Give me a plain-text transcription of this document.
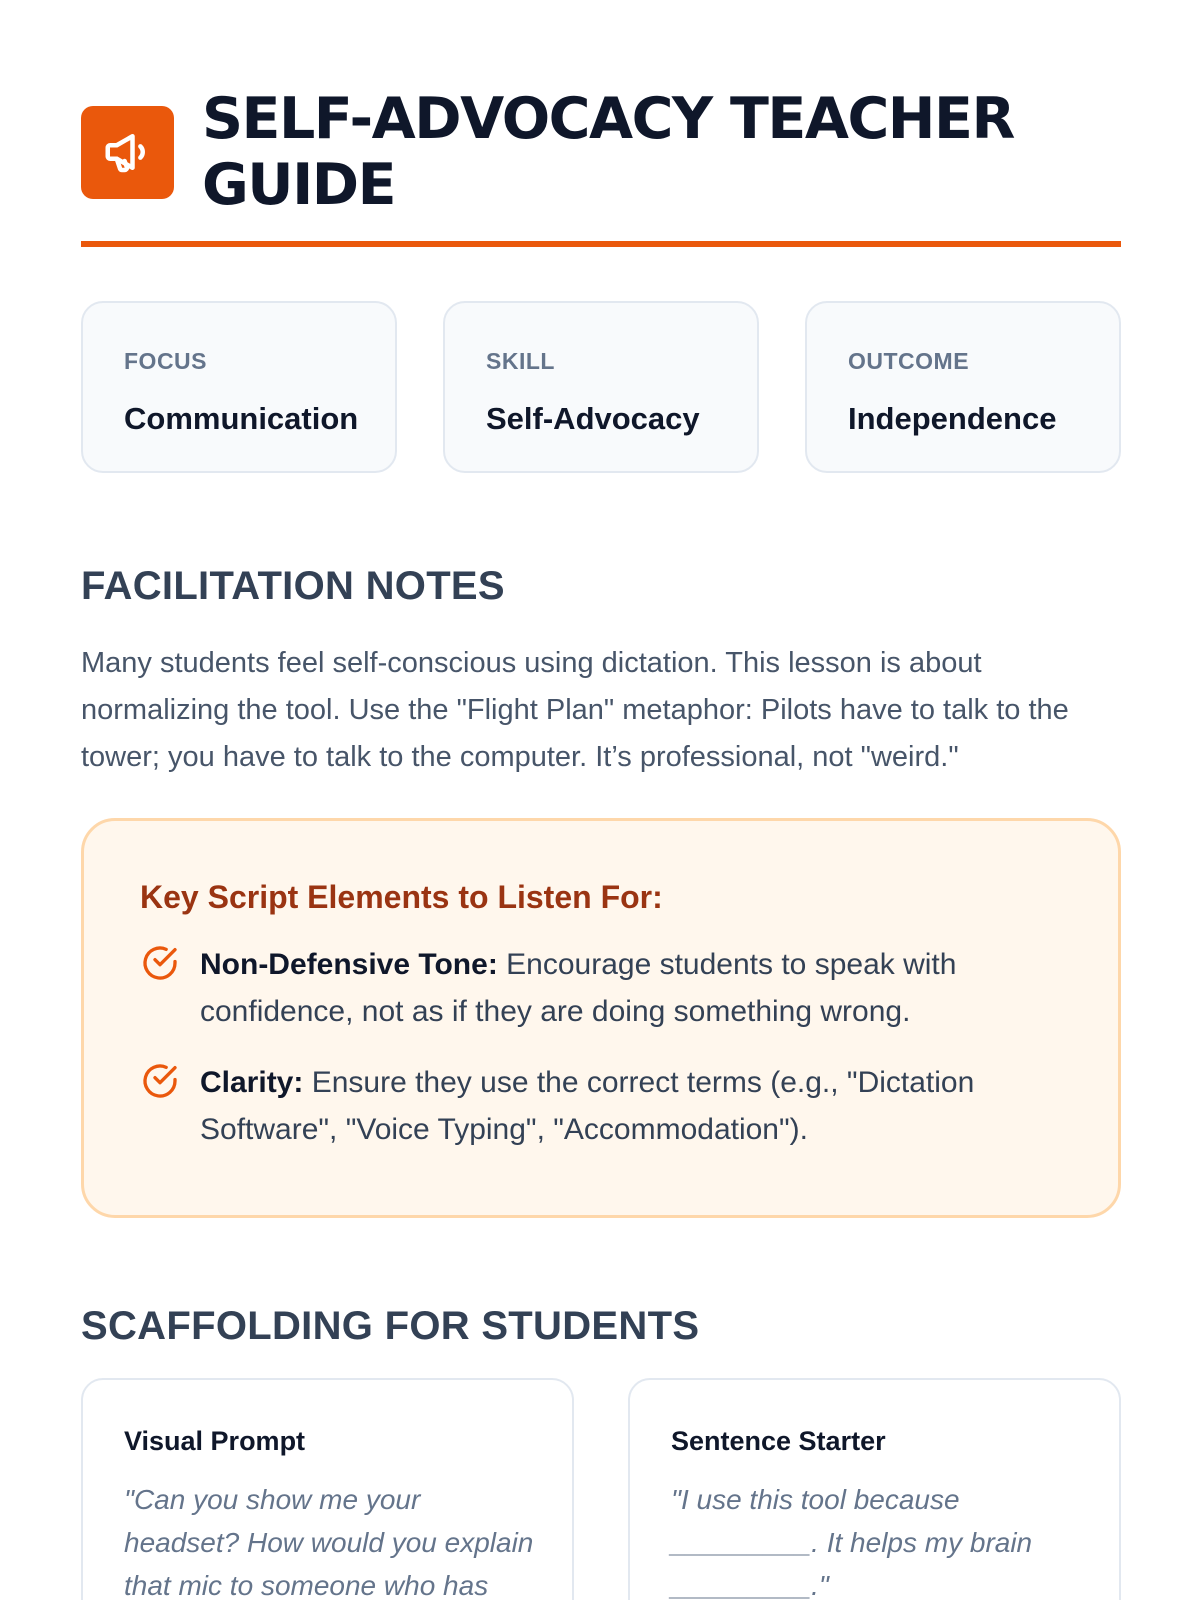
SELF-ADVOCACY TEACHER GUIDE
FOCUS
Communication
SKILL
Self-Advocacy
OUTCOME
Independence
FACILITATION NOTES

Many students feel self-conscious using dictation. This lesson is about normalizing the tool. Use the "Flight Plan" metaphor: Pilots have to talk to the tower; you have to talk to the computer. It’s professional, not "weird."

Key Script Elements to Listen For:
Non-Defensive Tone: Encourage students to speak with confidence, not as if they are doing something wrong.
Clarity: Ensure they use the correct terms (e.g., "Dictation Software", "Voice Typing", "Accommodation").
SCAFFOLDING FOR STUDENTS
Visual Prompt
"Can you show me your headset? How would you explain that mic to someone who has
Sentence Starter
"I use this tool because _________. It helps my brain _________."
